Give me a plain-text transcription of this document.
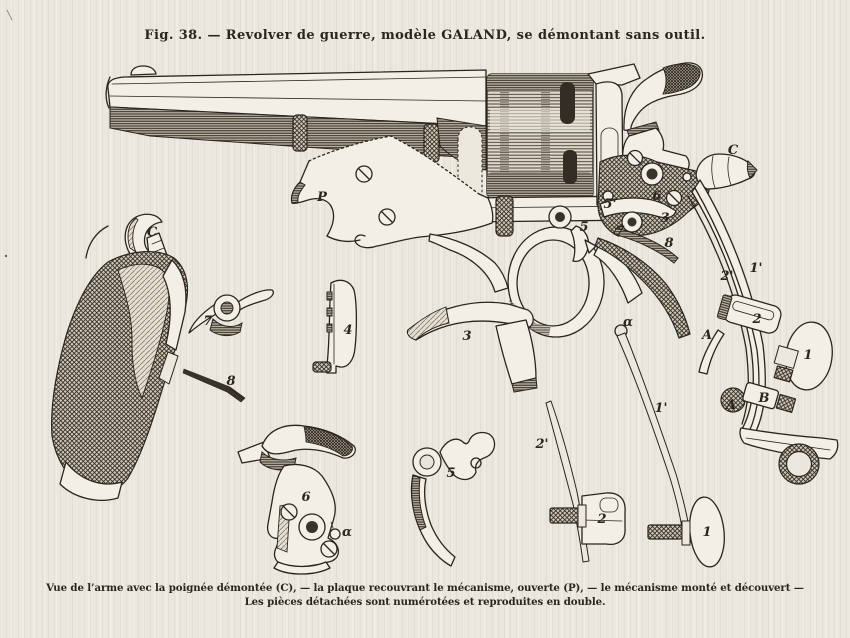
Fig. 38. — Revolver de guerre, modèle GALAND, se démontant sans outil.
C
P	6
5'
5 7
3
8
2'
1'
2
A
1
A B
C
7
8
4	3
6
α
5
2'
2
α
1'
1
Vue de l’arme avec la poignée démontée (C), — la plaque recouvrant le mécanisme, ouverte (P), — le mécanisme monté et découvert —
Les pièces détachées sont numérotées et reproduites en double.
